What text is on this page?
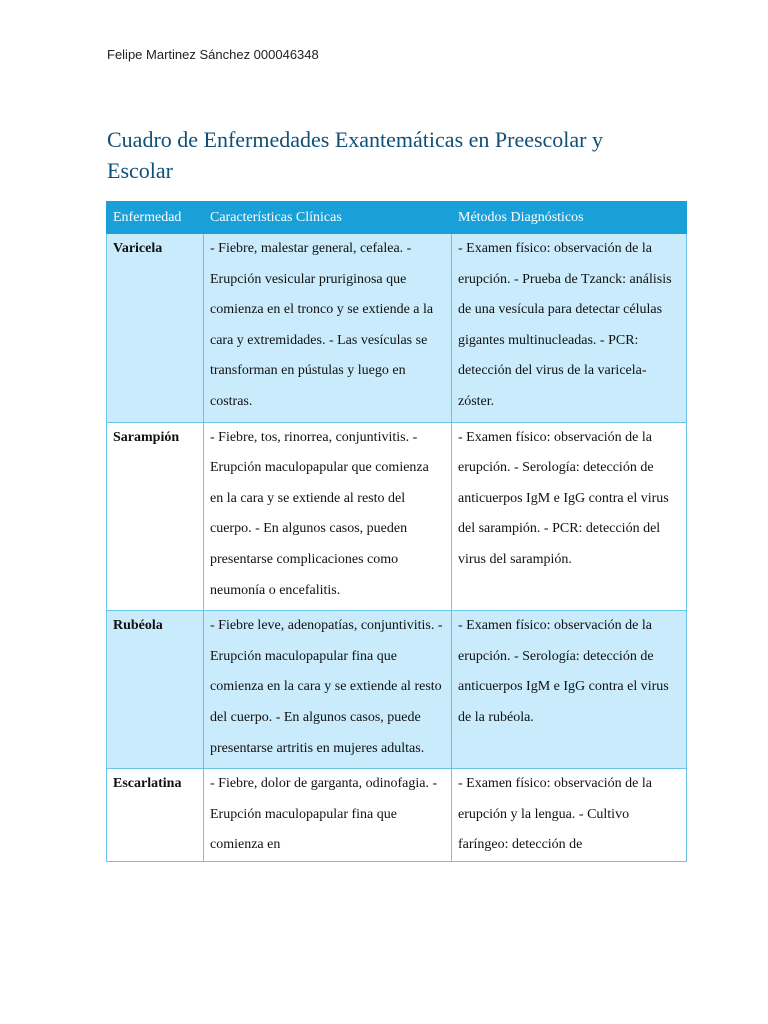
Felipe Martinez Sánchez 000046348
Cuadro de Enfermedades Exantemáticas en Preescolar y Escolar
Enfermedad	Características Clínicas	Métodos Diagnósticos
Varicela	- Fiebre, malestar general, cefalea. - Erupción vesicular pruriginosa que comienza en el tronco y se extiende a la cara y extremidades. - Las vesículas se transforman en pústulas y luego en costras.	- Examen físico: observación de la erupción. - Prueba de Tzanck: análisis de una vesícula para detectar células gigantes multinucleadas. - PCR: detección del virus de la varicela-zóster.
Sarampión	- Fiebre, tos, rinorrea, conjuntivitis. - Erupción maculopapular que comienza en la cara y se extiende al resto del cuerpo. - En algunos casos, pueden presentarse complicaciones como neumonía o encefalitis.	- Examen físico: observación de la erupción. - Serología: detección de anticuerpos IgM e IgG contra el virus del sarampión. - PCR: detección del virus del sarampión.
Rubéola	- Fiebre leve, adenopatías, conjuntivitis. - Erupción maculopapular fina que comienza en la cara y se extiende al resto del cuerpo. - En algunos casos, puede presentarse artritis en mujeres adultas.	- Examen físico: observación de la erupción. - Serología: detección de anticuerpos IgM e IgG contra el virus de la rubéola.
Escarlatina	- Fiebre, dolor de garganta, odinofagia. - Erupción maculopapular fina que comienza en	- Examen físico: observación de la erupción y la lengua. - Cultivo faríngeo: detección de
